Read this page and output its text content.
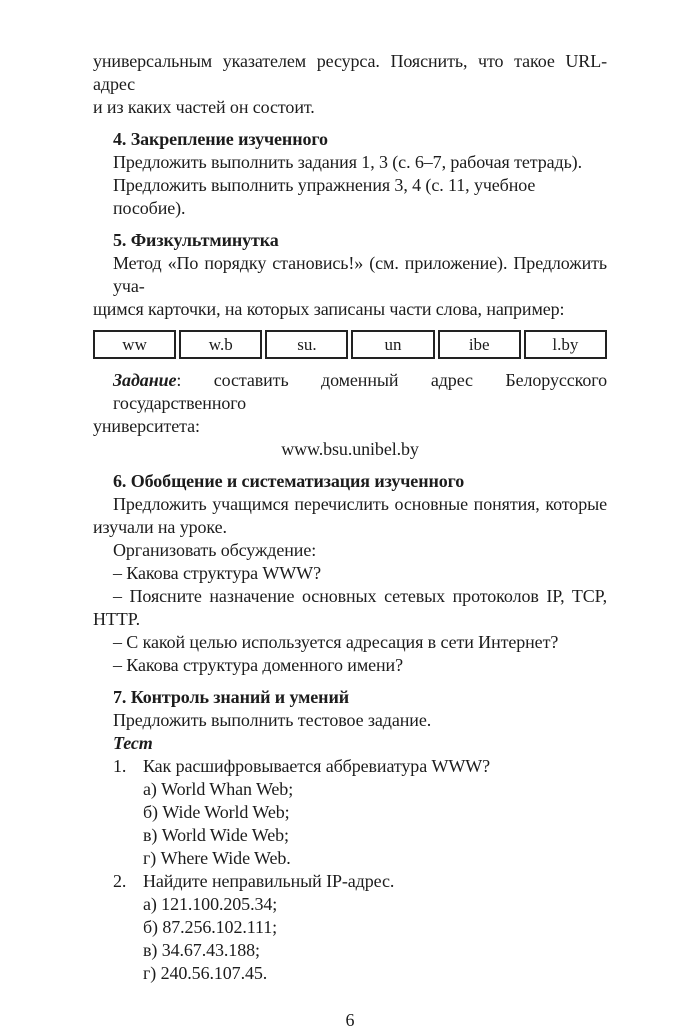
универсальным указателем ресурса. Пояснить, что такое URL-адрес
и из каких частей он состоит.
4. Закрепление изученного
Предложить выполнить задания 1, 3 (с. 6–7, рабочая тетрадь).
Предложить выполнить упражнения 3, 4 (с. 11, учебное пособие).
5. Физкультминутка
Метод «По порядку становись!» (см. приложение). Предложить уча-
щимся карточки, на которых записаны части слова, например:
ww	w.b	su.	un	ibe	l.by
Задание: составить доменный адрес Белорусского государственного
университета:
www.bsu.unibel.by
6. Обобщение и систематизация изученного
Предложить учащимся перечислить основные понятия, которые
изучали на уроке.
Организовать обсуждение:
– Какова структура WWW?
– Поясните назначение основных сетевых протоколов IP, TCP,
HTTP.
– С какой целью используется адресация в сети Интернет?
– Какова структура доменного имени?
7. Контроль знаний и умений
Предложить выполнить тестовое задание.
Тест
1. Как расшифровывается аббревиатура WWW?
а) World Whan Web;
б) Wide World Web;
в) World Wide Web;
г) Where Wide Web.
2. Найдите неправильный IP-адрес.
а) 121.100.205.34;
б) 87.256.102.111;
в) 34.67.43.188;
г) 240.56.107.45.
6
